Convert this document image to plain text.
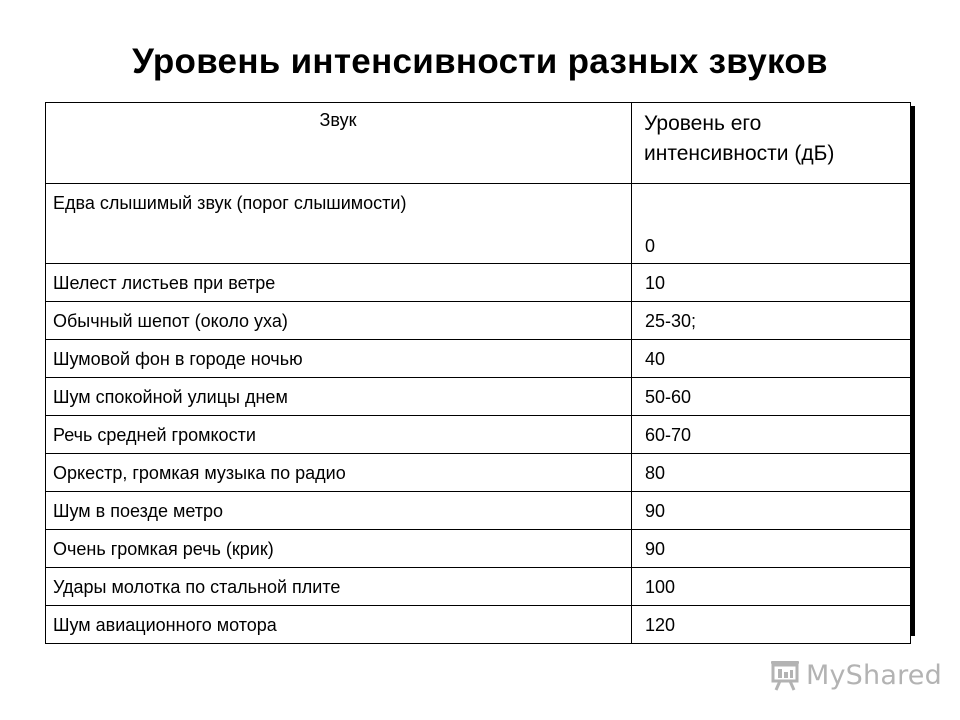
Уровень интенсивности разных звуков
Звук	Уровень его интенсивности (дБ)
Едва слышимый звук (порог слышимости)	0
Шелест листьев при ветре	10
Обычный шепот (около уха)	25-30;
Шумовой фон в городе ночью	40
Шум спокойной улицы днем	50-60
Речь средней громкости	60-70
Оркестр, громкая музыка по радио	80
Шум в поезде метро	90
Очень громкая речь (крик)	90
Удары молотка по стальной плите	100
Шум авиационного мотора	120
MyShared
